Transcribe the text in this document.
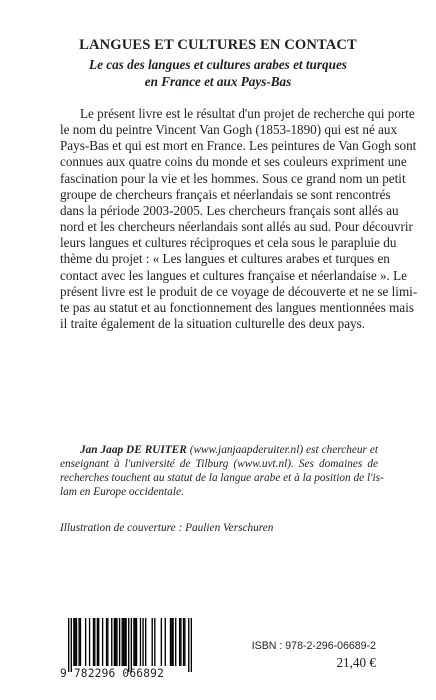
LANGUES ET CULTURES EN CONTACT
Le cas des langues et cultures arabes et turques
en France et aux Pays-Bas
Le présent livre est le résultat d'un projet de recherche qui porte
le nom du peintre Vincent Van Gogh (1853-1890) qui est né aux
Pays-Bas et qui est mort en France. Les peintures de Van Gogh sont
connues aux quatre coins du monde et ses couleurs expriment une
fascination pour la vie et les hommes. Sous ce grand nom un petit
groupe de chercheurs français et néerlandais se sont rencontrés
dans la période 2003-2005. Les chercheurs français sont allés au
nord et les chercheurs néerlandais sont allés au sud. Pour découvrir
leurs langues et cultures réciproques et cela sous le parapluie du
thème du projet : « Les langues et cultures arabes et turques en
contact avec les langues et cultures française et néerlandaise ». Le
présent livre est le produit de ce voyage de découverte et ne se limi-
te pas au statut et au fonctionnement des langues mentionnées mais
il traite également de la situation culturelle des deux pays.
Jan Jaap DE RUITER (www.janjaapderuiter.nl) est chercheur et
enseignant à l'université de Tilburg (www.uvt.nl). Ses domaines de
recherches touchent au statut de la langue arabe et à la position de l'is-
lam en Europe occidentale.
Illustration de couverture : Paulien Verschuren
9 782296 066892
ISBN : 978-2-296-06689-2
21,40 €
